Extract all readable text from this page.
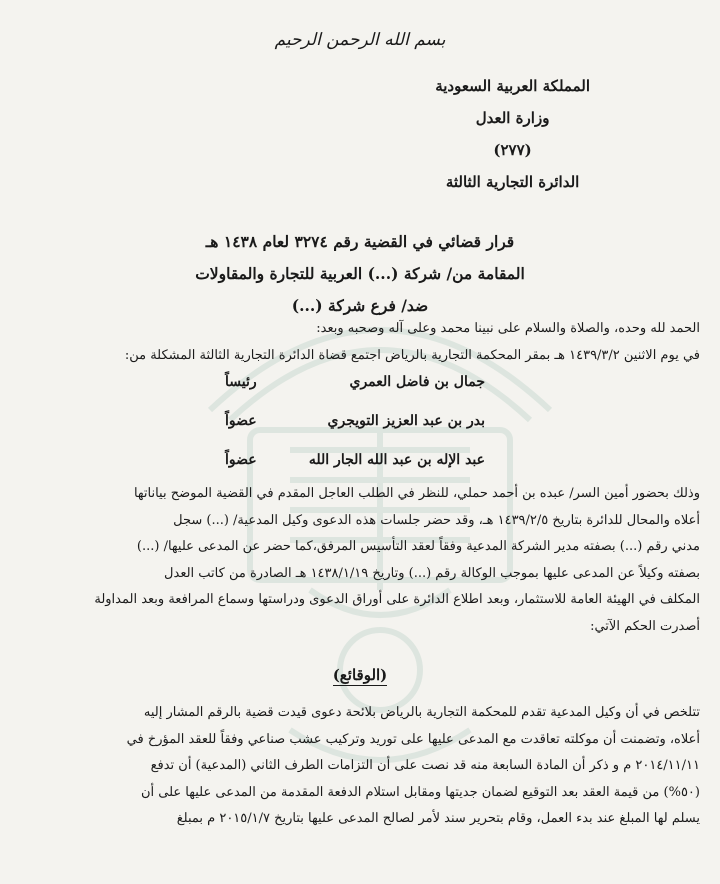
بسم الله الرحمن الرحيم
المملكة العربية السعودية
وزارة العدل
(٢٧٧)
الدائرة التجارية الثالثة
قرار قضائي في القضية رقم ٣٢٧٤ لعام ١٤٣٨ هـ
المقامة من/ شركة (...) العربية للتجارة والمقاولات
ضد/ فرع شركة (...)
الحمد لله وحده، والصلاة والسلام على نبينا محمد وعلى آله وصحبه وبعد:
في يوم الاثنين ١٤٣٩/٣/٢ هـ بمقر المحكمة التجارية بالرياض اجتمع قضاة الدائرة التجارية الثالثة المشكلة من:
جمال بن فاضل العمري
رئيساً
بدر بن عبد العزيز التويجري
عضواً
عبد الإله بن عبد الله الجار الله
عضواً
وذلك بحضور أمين السر/ عبده بن أحمد حملي، للنظر في الطلب العاجل المقدم في القضية الموضح بياناتها
أعلاه والمحال للدائرة بتاريخ ١٤٣٩/٢/٥ هـ، وقد حضر جلسات هذه الدعوى وكيل المدعية/ (...) سجل
مدني رقم (...) بصفته مدير الشركة المدعية وفقاً لعقد التأسيس المرفق،كما حضر عن المدعى عليها/ (...)
بصفته وكيلاً عن المدعى عليها بموجب الوكالة رقم (...) وتاريخ ١٤٣٨/١/١٩ هـ الصادرة من كاتب العدل
المكلف في الهيئة العامة للاستثمار، وبعد اطلاع الدائرة على أوراق الدعوى ودراستها وسماع المرافعة وبعد المداولة
أصدرت الحكم الآتي:
(الوقائع)
تتلخص في أن وكيل المدعية تقدم للمحكمة التجارية بالرياض بلائحة دعوى قيدت قضية بالرقم المشار إليه
أعلاه، وتضمنت أن موكلته تعاقدت مع المدعى عليها على توريد وتركيب عشب صناعي وفقاً للعقد المؤرخ في
٢٠١٤/١١/١١ م و ذكر أن المادة السابعة منه قد نصت على أن التزامات الطرف الثاني (المدعية) أن تدفع
(٥٠%) من قيمة العقد بعد التوقيع لضمان جديتها ومقابل استلام الدفعة المقدمة من المدعى عليها على أن
يسلم لها المبلغ عند بدء العمل، وقام بتحرير سند لأمر لصالح المدعى عليها بتاريخ ٢٠١٥/١/٧ م بمبلغ
